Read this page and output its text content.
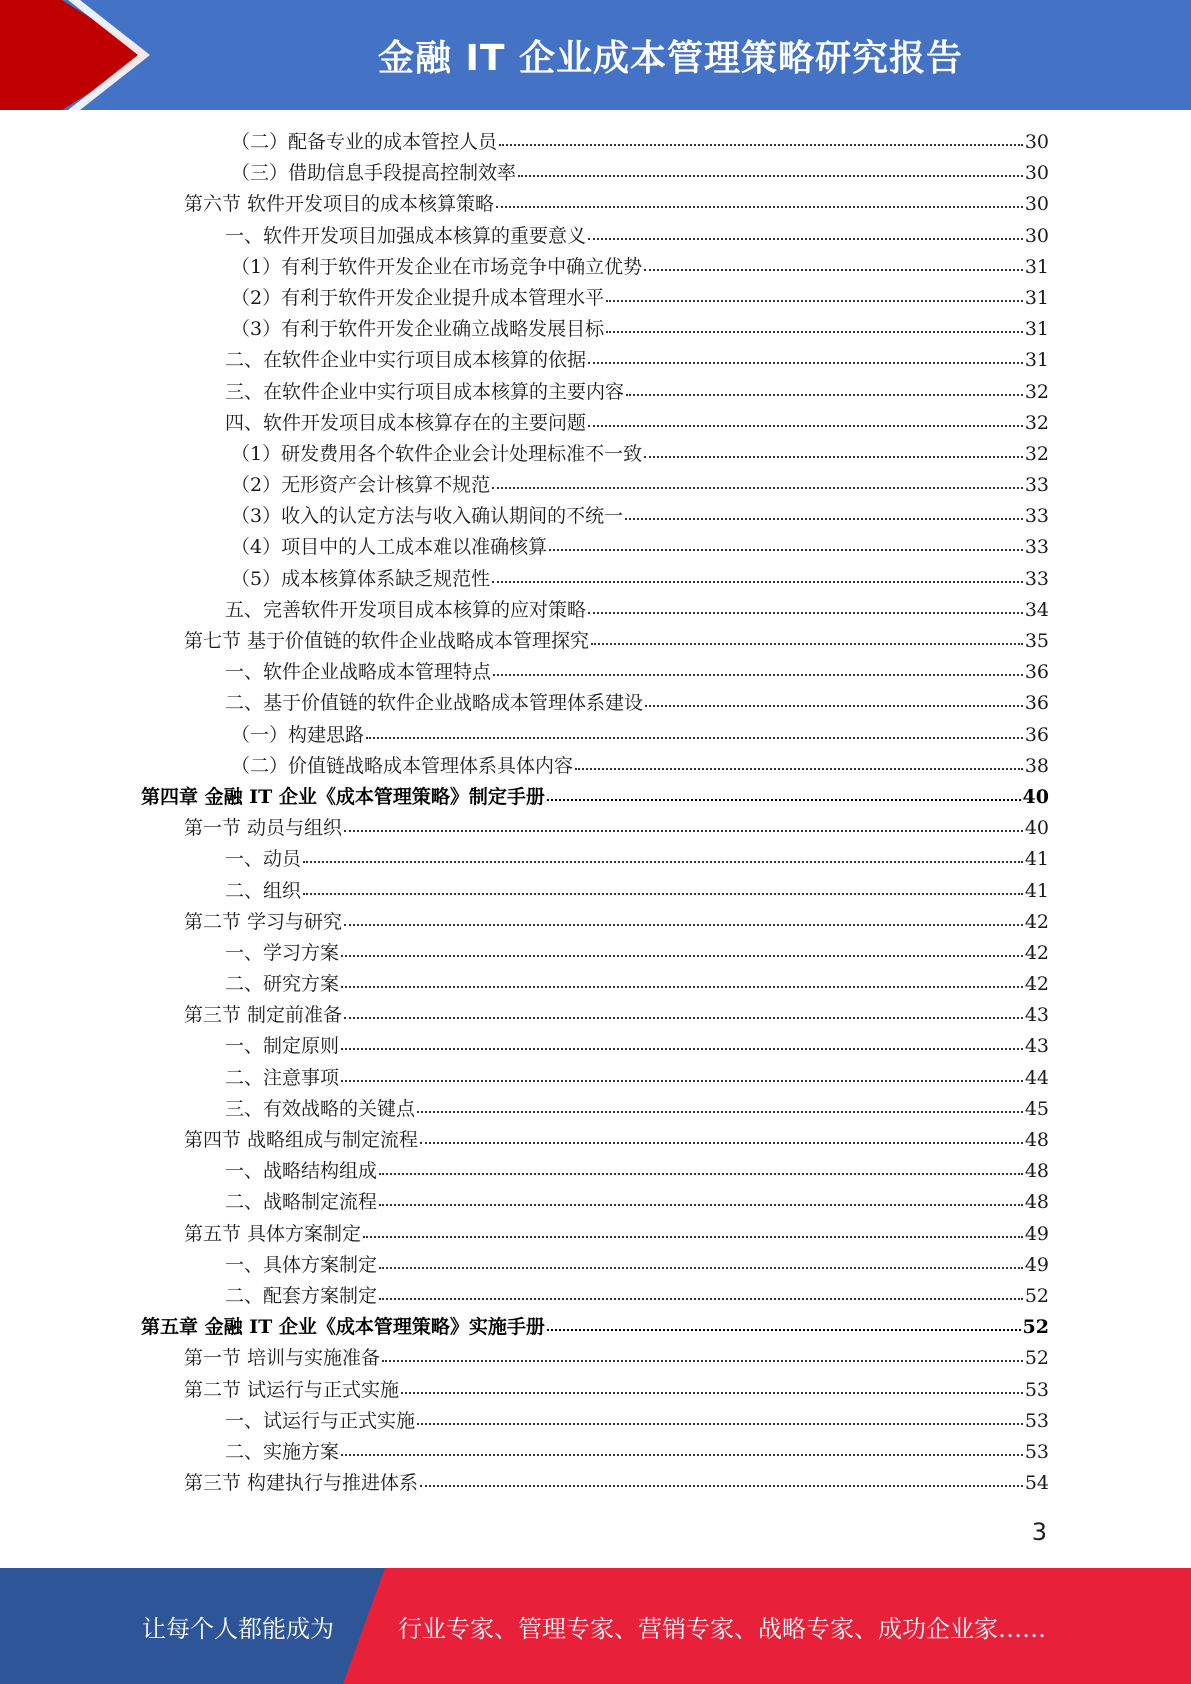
金融 IT 企业成本管理策略研究报告
（二）配备专业的成本管控人员	30
（三）借助信息手段提高控制效率	30
第六节 软件开发项目的成本核算策略	30
一、软件开发项目加强成本核算的重要意义	30
（1）有利于软件开发企业在市场竞争中确立优势	31
（2）有利于软件开发企业提升成本管理水平	31
（3）有利于软件开发企业确立战略发展目标	31
二、在软件企业中实行项目成本核算的依据	31
三、在软件企业中实行项目成本核算的主要内容	32
四、软件开发项目成本核算存在的主要问题	32
（1）研发费用各个软件企业会计处理标准不一致	32
（2）无形资产会计核算不规范	33
（3）收入的认定方法与收入确认期间的不统一	33
（4）项目中的人工成本难以准确核算	33
（5）成本核算体系缺乏规范性	33
五、完善软件开发项目成本核算的应对策略	34
第七节 基于价值链的软件企业战略成本管理探究	35
一、软件企业战略成本管理特点	36
二、基于价值链的软件企业战略成本管理体系建设	36
（一）构建思路	36
（二）价值链战略成本管理体系具体内容	38
第四章 金融 IT 企业《成本管理策略》制定手册	40
第一节 动员与组织	40
一、动员	41
二、组织	41
第二节 学习与研究	42
一、学习方案	42
二、研究方案	42
第三节 制定前准备	43
一、制定原则	43
二、注意事项	44
三、有效战略的关键点	45
第四节 战略组成与制定流程	48
一、战略结构组成	48
二、战略制定流程	48
第五节 具体方案制定	49
一、具体方案制定	49
二、配套方案制定	52
第五章 金融 IT 企业《成本管理策略》实施手册	52
第一节 培训与实施准备	52
第二节 试运行与正式实施	53
一、试运行与正式实施	53
二、实施方案	53
第三节 构建执行与推进体系	54
3
让每个人都能成为	行业专家、管理专家、营销专家、战略专家、成功企业家……
